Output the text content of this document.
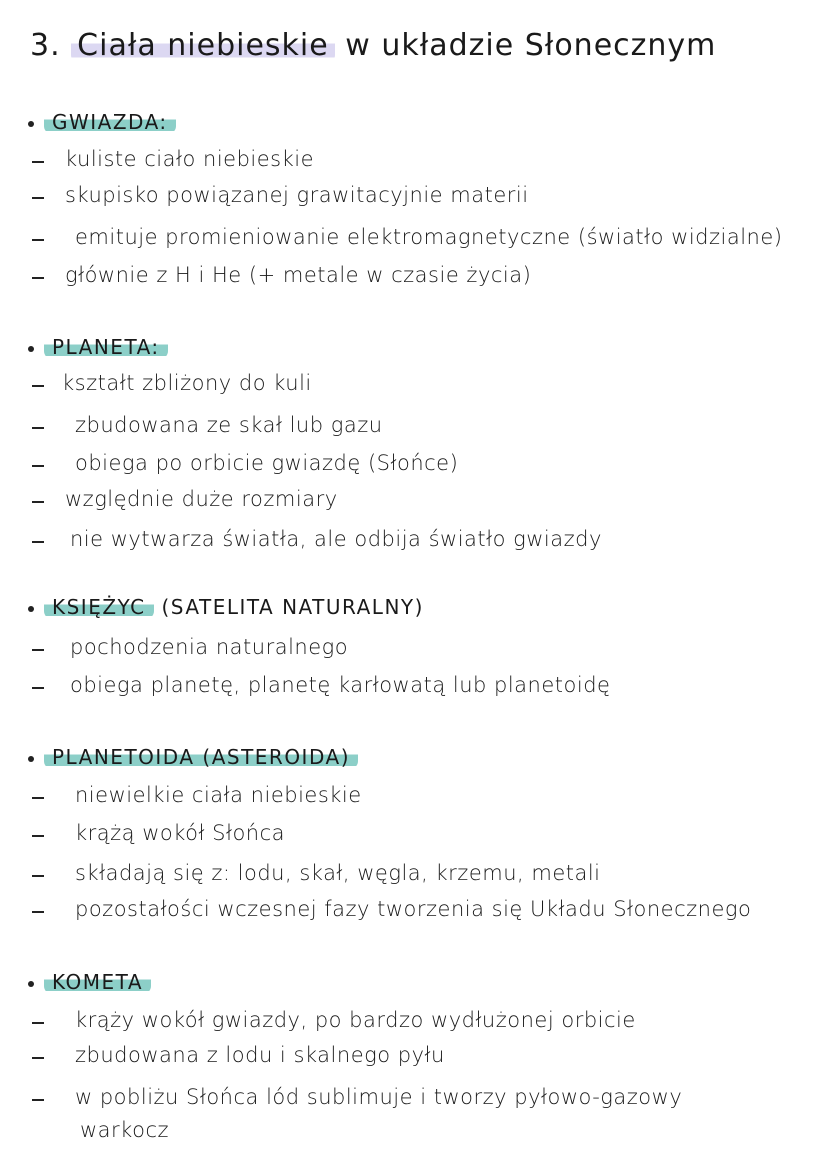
3. Ciała niebieskie w układzie Słonecznym
GWIAZDA:
kuliste ciało niebieskie
skupisko powiązanej grawitacyjnie materii
emituje promieniowanie elektromagnetyczne (światło widzialne)
głównie z H i He (+ metale w czasie życia)
PLANETA:
kształt zbliżony do kuli
zbudowana ze skał lub gazu
obiega po orbicie gwiazdę (Słońce)
względnie duże rozmiary
nie wytwarza światła, ale odbija światło gwiazdy
KSIĘŻYC (SATELITA NATURALNY)
pochodzenia naturalnego
obiega planetę, planetę karłowatą lub planetoidę
PLANETOIDA (ASTEROIDA)
niewielkie ciała niebieskie
krążą wokół Słońca
składają się z: lodu, skał, węgla, krzemu, metali
pozostałości wczesnej fazy tworzenia się Układu Słonecznego
KOMETA
krąży wokół gwiazdy, po bardzo wydłużonej orbicie
zbudowana z lodu i skalnego pyłu
w pobliżu Słońca lód sublimuje i tworzy pyłowo-gazowy
warkocz
